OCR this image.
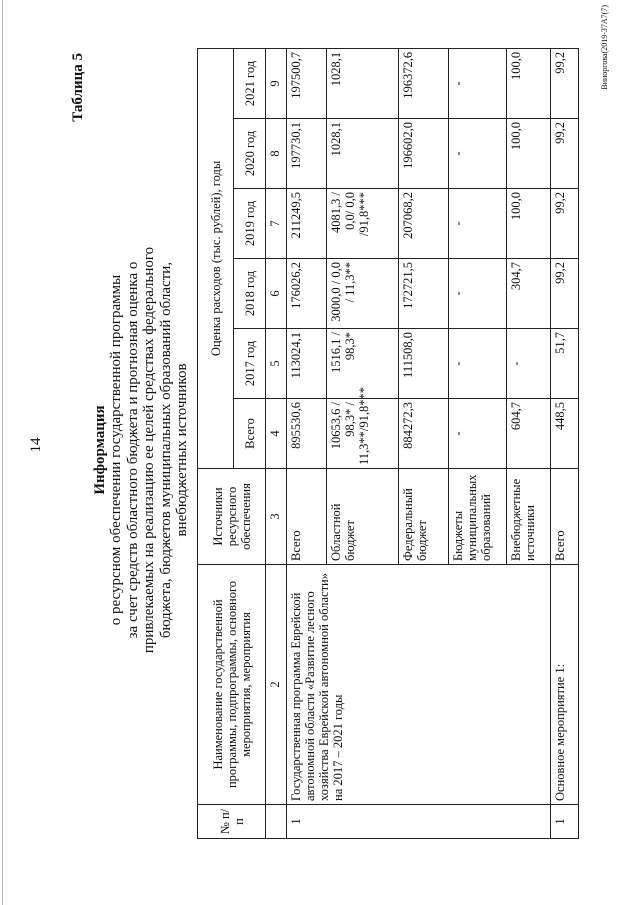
14
Таблица 5
Информация о ресурсном обеспечении государственной программы за счет средств областного бюджета и прогнозная оценка о привлекаемых на реализацию ее целей средствах федерального бюджета, бюджетов муниципальных образований области, внебюджетных источников
№ п/п	Наименование государственной программы, подпрограммы, основного мероприятия, мероприятия	Источники ресурсного обеспечения	Оценка расходов (тыс. рублей), годы					
			Всего	2017 год	2018 год	2019 год	2020 год	2021 год
	2	3	4	5	6	7	8	9
1	Государственная программа Еврейской автономной области «Развитие лесного хозяйства Еврейской автономной области» на 2017 – 2021 годы	Всего	895530,6	113024,1	176026,2	211249,5	197730,1	197500,7
		Областной бюджет	10653,6 / 98,3* / 11,3**/91,8***	1516,1 / 98,3*	3000,0 / 0,0 / 11,3**	4081,3 / 0,0/ 0,0 /91,8***	1028,1	1028,1
		Федеральный бюджет	884272,3	111508,0	172721,5	207068,2	196602,0	196372,6
		Бюджеты муниципальных образований	-	-	-	-	-	-
		Внебюджетные источники	604,7	-	304,7	100,0	100,0	100,0
1	Основное мероприятие 1:	Всего	448,5	51,7	99,2	99,2	99,2	99,2	Вииоргова(2019-37А7(7)
